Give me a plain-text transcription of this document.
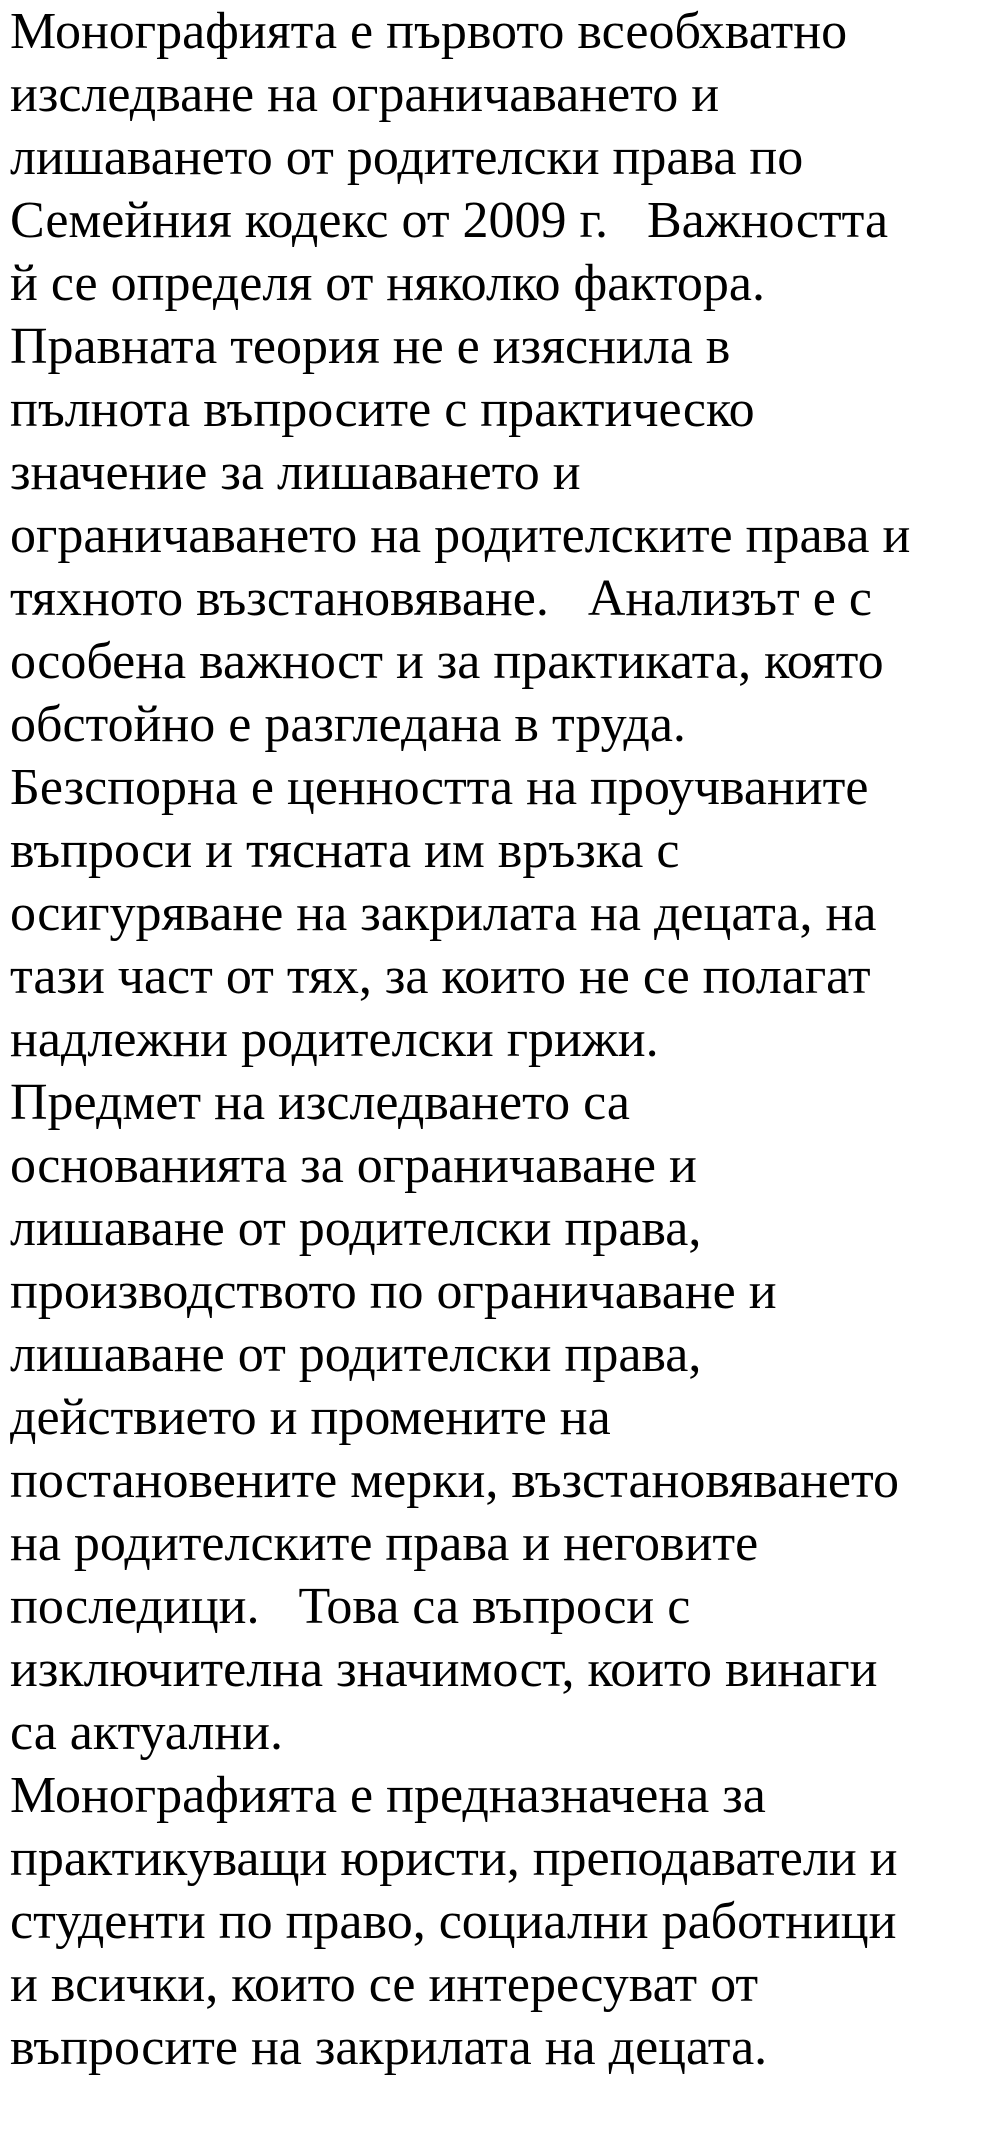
Монографията е първото всеобхватно
изследване на ограничаването и
лишаването от родителски права по
Семейния кодекс от 2009 г.   Важността
й се определя от няколко фактора.
Правната теория не е изяснила в
пълнота въпросите с практическо
значение за лишаването и
ограничаването на родителските права и
тяхното възстановяване.   Анализът е с
особена важност и за практиката, която
обстойно е разгледана в труда.
Безспорна е ценността на проучваните
въпроси и тясната им връзка с
осигуряване на закрилата на децата, на
тази част от тях, за които не се полагат
надлежни родителски грижи.
Предмет на изследването са
основанията за ограничаване и
лишаване от родителски права,
производството по ограничаване и
лишаване от родителски права,
действието и промените на
постановените мерки, възстановяването
на родителските права и неговите
последици.   Това са въпроси с
изключителна значимост, които винаги
са актуални.
Монографията е предназначена за
практикуващи юристи, преподаватели и
студенти по право, социални работници
и всички, които се интересуват от
въпросите на закрилата на децата.
